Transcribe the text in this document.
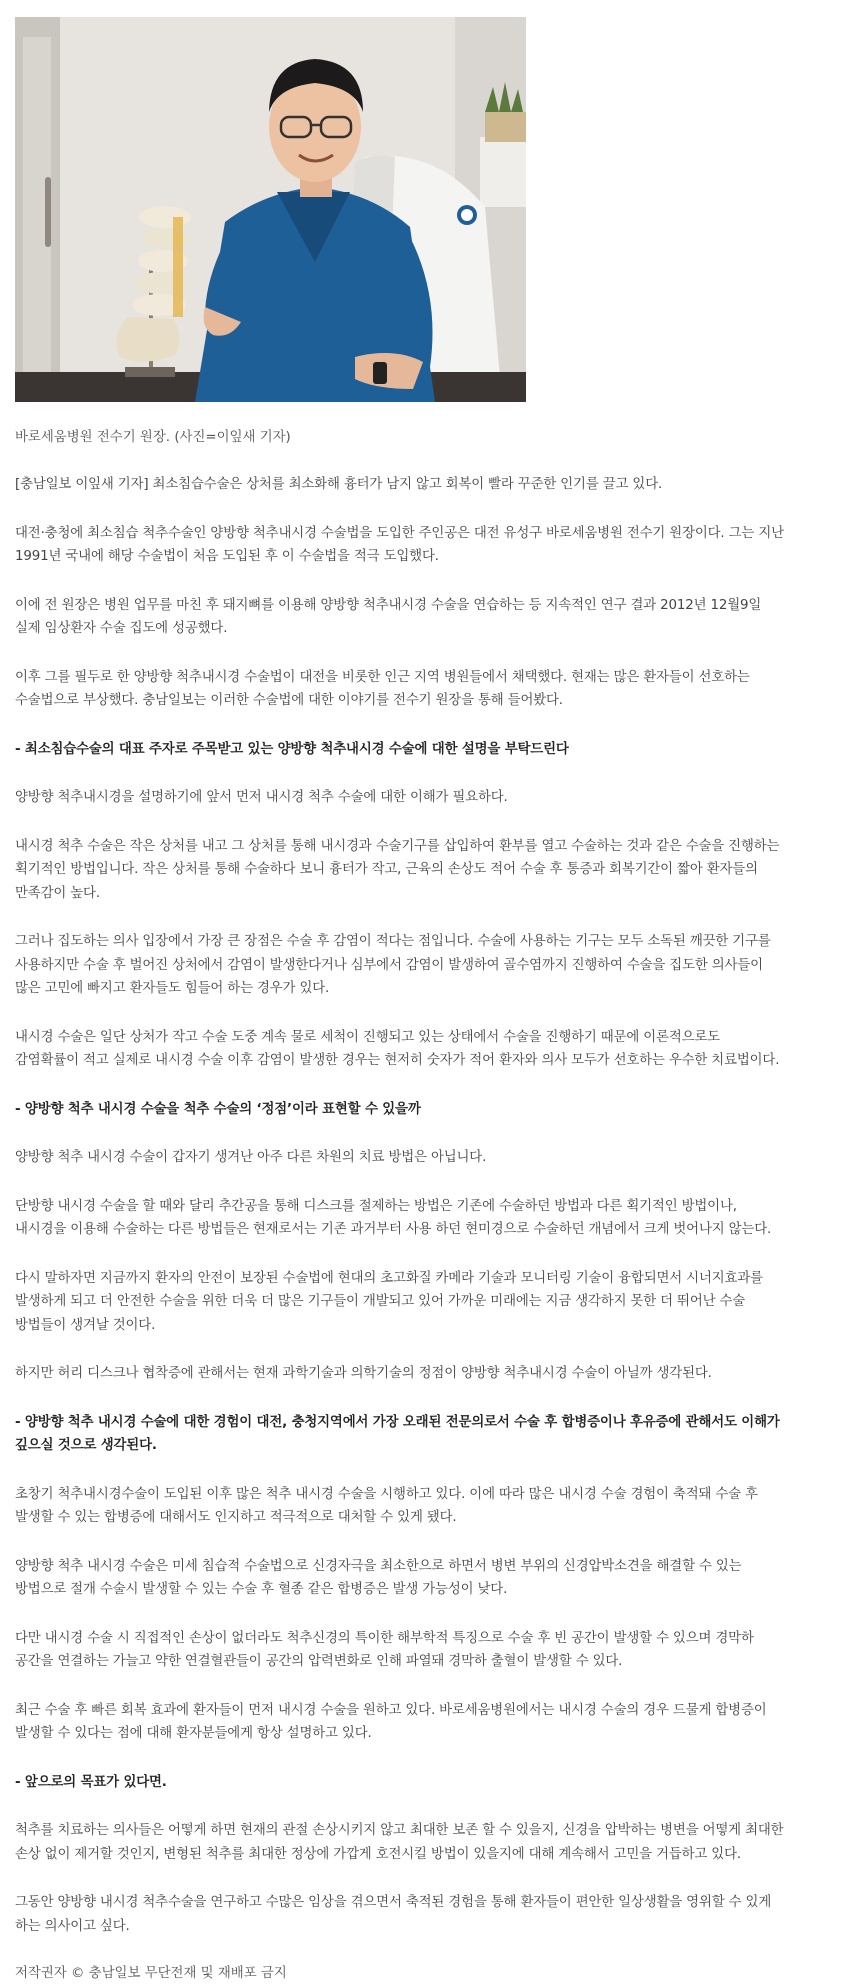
바로세움병원 전수기 원장. (사진=이잎새 기자)
[충남일보 이잎새 기자] 최소침습수술은 상처를 최소화해 흉터가 남지 않고 회복이 빨라 꾸준한 인기를 끌고 있다.
대전·충청에 최소침습 척추수술인 양방향 척추내시경 수술법을 도입한 주인공은 대전 유성구 바로세움병원 전수기 원장이다. 그는 지난 1991년 국내에 해당 수술법이 처음 도입된 후 이 수술법을 적극 도입했다.
이에 전 원장은 병원 업무를 마친 후 돼지뼈를 이용해 양방향 척추내시경 수술을 연습하는 등 지속적인 연구 결과 2012년 12월9일 실제 임상환자 수술 집도에 성공했다.
이후 그를 필두로 한 양방향 척추내시경 수술법이 대전을 비롯한 인근 지역 병원들에서 채택했다. 현재는 많은 환자들이 선호하는 수술법으로 부상했다. 충남일보는 이러한 수술법에 대한 이야기를 전수기 원장을 통해 들어봤다.
- 최소침습수술의 대표 주자로 주목받고 있는 양방향 척추내시경 수술에 대한 설명을 부탁드린다
양방향 척추내시경을 설명하기에 앞서 먼저 내시경 척추 수술에 대한 이해가 필요하다.
내시경 척추 수술은 작은 상처를 내고 그 상처를 통해 내시경과 수술기구를 삽입하여 환부를 열고 수술하는 것과 같은 수술을 진행하는 획기적인 방법입니다. 작은 상처를 통해 수술하다 보니 흉터가 작고, 근육의 손상도 적어 수술 후 통증과 회복기간이 짧아 환자들의 만족감이 높다.
그러나 집도하는 의사 입장에서 가장 큰 장점은 수술 후 감염이 적다는 점입니다. 수술에 사용하는 기구는 모두 소독된 깨끗한 기구를 사용하지만 수술 후 벌어진 상처에서 감염이 발생한다거나 심부에서 감염이 발생하여 골수염까지 진행하여 수술을 집도한 의사들이 많은 고민에 빠지고 환자들도 힘들어 하는 경우가 있다.
내시경 수술은 일단 상처가 작고 수술 도중 계속 물로 세척이 진행되고 있는 상태에서 수술을 진행하기 때문에 이론적으로도 감염확률이 적고 실제로 내시경 수술 이후 감염이 발생한 경우는 현저히 숫자가 적어 환자와 의사 모두가 선호하는 우수한 치료법이다.
- 양방향 척추 내시경 수술을 척추 수술의 ‘정점’이라 표현할 수 있을까
양방향 척추 내시경 수술이 갑자기 생겨난 아주 다른 차원의 치료 방법은 아닙니다.
단방향 내시경 수술을 할 때와 달리 추간공을 통해 디스크를 절제하는 방법은 기존에 수술하던 방법과 다른 획기적인 방법이나, 내시경을 이용해 수술하는 다른 방법들은 현재로서는 기존 과거부터 사용 하던 현미경으로 수술하던 개념에서 크게 벗어나지 않는다.
다시 말하자면 지금까지 환자의 안전이 보장된 수술법에 현대의 초고화질 카메라 기술과 모니터링 기술이 융합되면서 시너지효과를 발생하게 되고 더 안전한 수술을 위한 더욱 더 많은 기구들이 개발되고 있어 가까운 미래에는 지금 생각하지 못한 더 뛰어난 수술 방법들이 생겨날 것이다.
하지만 허리 디스크나 협착증에 관해서는 현재 과학기술과 의학기술의 정점이 양방향 척추내시경 수술이 아닐까 생각된다.
- 양방향 척추 내시경 수술에 대한 경험이 대전, 충청지역에서 가장 오래된 전문의로서 수술 후 합병증이나 후유증에 관해서도 이해가 깊으실 것으로 생각된다.
초창기 척추내시경수술이 도입된 이후 많은 척추 내시경 수술을 시행하고 있다. 이에 따라 많은 내시경 수술 경험이 축적돼 수술 후 발생할 수 있는 합병증에 대해서도 인지하고 적극적으로 대처할 수 있게 됐다.
양방향 척추 내시경 수술은 미세 침습적 수술법으로 신경자극을 최소한으로 하면서 병변 부위의 신경압박소견을 해결할 수 있는 방법으로 절개 수술시 발생할 수 있는 수술 후 혈종 같은 합병증은 발생 가능성이 낮다.
다만 내시경 수술 시 직접적인 손상이 없더라도 척추신경의 특이한 해부학적 특징으로 수술 후 빈 공간이 발생할 수 있으며 경막하 공간을 연결하는 가늘고 약한 연결혈관들이 공간의 압력변화로 인해 파열돼 경막하 출혈이 발생할 수 있다.
최근 수술 후 빠른 회복 효과에 환자들이 먼저 내시경 수술을 원하고 있다. 바로세움병원에서는 내시경 수술의 경우 드물게 합병증이 발생할 수 있다는 점에 대해 환자분들에게 항상 설명하고 있다.
- 앞으로의 목표가 있다면.
척추를 치료하는 의사들은 어떻게 하면 현재의 관절 손상시키지 않고 최대한 보존 할 수 있을지, 신경을 압박하는 병변을 어떻게 최대한 손상 없이 제거할 것인지, 변형된 척추를 최대한 정상에 가깝게 호전시킬 방법이 있을지에 대해 계속해서 고민을 거듭하고 있다.
그동안 양방향 내시경 척추수술을 연구하고 수많은 임상을 겪으면서 축적된 경험을 통해 환자들이 편안한 일상생활을 영위할 수 있게 하는 의사이고 싶다.
저작권자 © 충남일보 무단전재 및 재배포 금지
